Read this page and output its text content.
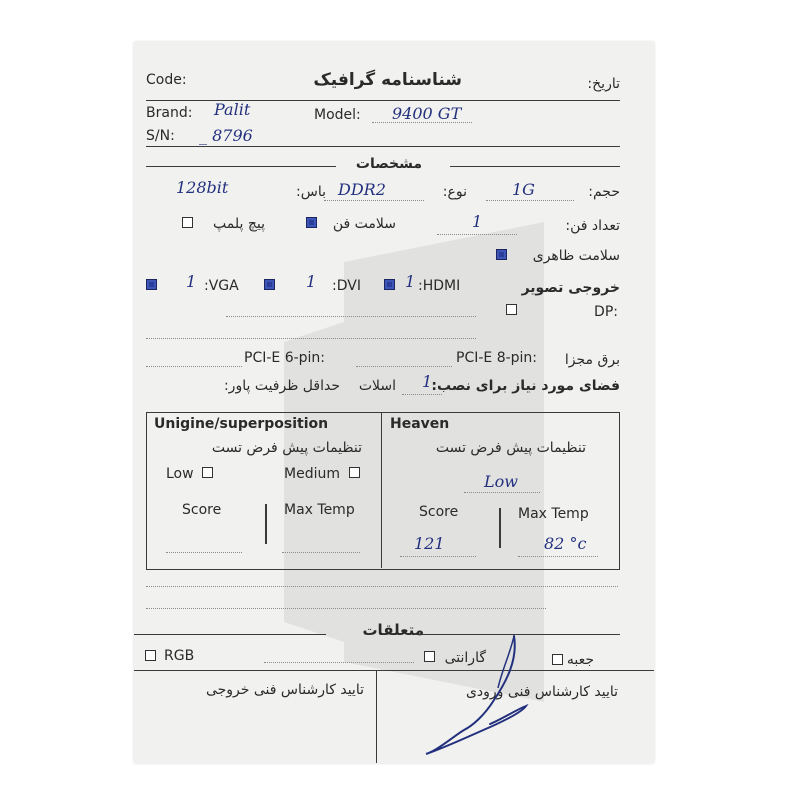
Code:	شناسنامه گرافیک	تاریخ:
Brand: Palit	Model: 9400 GT
S/N: _ 8796
مشخصات
حجم:
1G
نوع:
DDR2
باس:
128bit
تعداد فن:
1
سلامت فن
پیچ پلمپ
سلامت ظاهری
خروجی تصویر
:HDMI
1
:DVI
1
:VGA
1
:DP
برق مجزا
PCI-E 8-pin:
PCI-E 6-pin:
فضای مورد نیاز برای نصب:
1
اسلات
حداقل ظرفیت پاور:
Unigine/superposition
تنظیمات پیش فرض تست
Low	Medium
Score	Max Temp
Heaven
تنظیمات پیش فرض تست
Low
Score	Max Temp
121	82 °c
متعلقات
جعبه
گارانتی
RGB
تایید کارشناس فنی ورودی
تایید کارشناس فنی خروجی
